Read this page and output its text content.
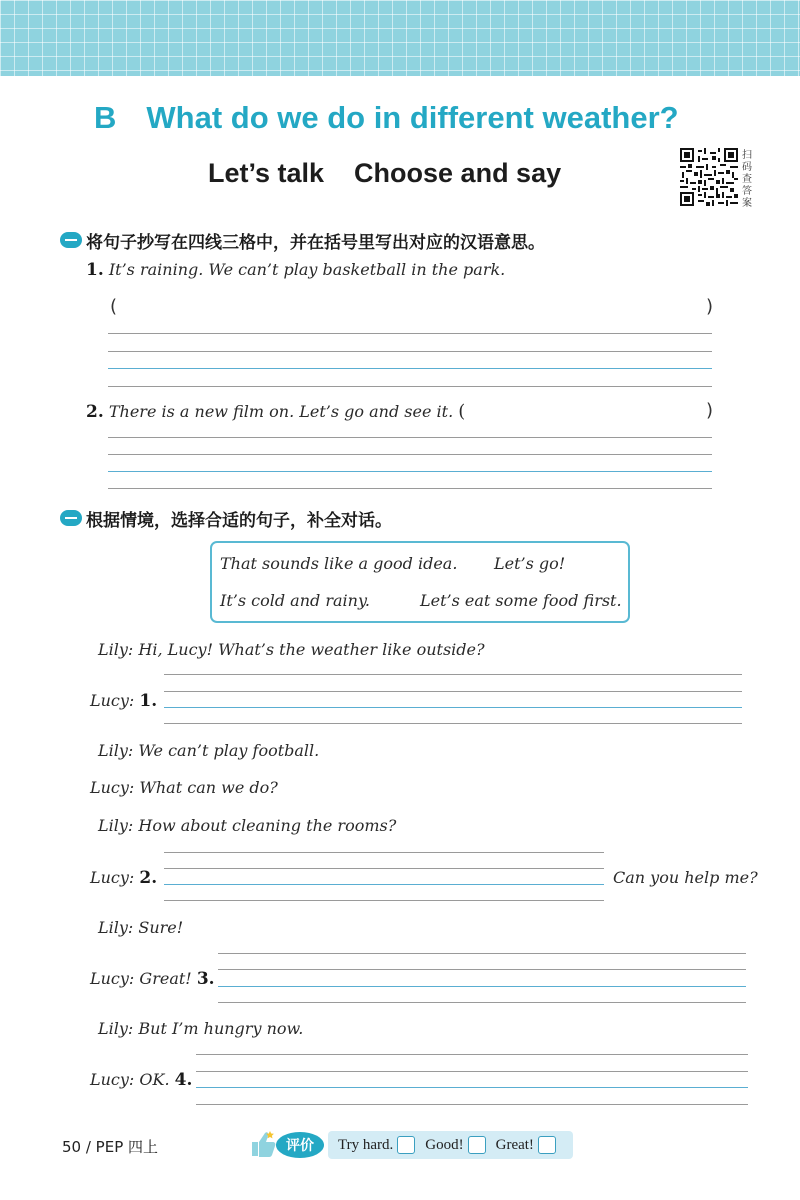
B What do we do in different weather?
Let’s talk Choose and say
扫
码
查
答
案
将句子抄写在四线三格中，并在括号里写出对应的汉语意思。
1. It’s raining. We can’t play basketball in the park.
(	)
2. There is a new film on. Let’s go and see it. (	)
根据情境，选择合适的句子，补全对话。
That sounds like a good idea. Let’s go!
It’s cold and rainy.	Let’s eat some food first.
Lily: Hi, Lucy! What’s the weather like outside?
Lucy: 1.
Lily: We can’t play football.
Lucy: What can we do?
Lily: How about cleaning the rooms?
Lucy: 2.	Can you help me?
Lily: Sure!
Lucy: Great! 3.
Lily: But I’m hungry now.
Lucy: OK. 4.
50 / PEP 四上	评价 Try hard. Good! Great!
